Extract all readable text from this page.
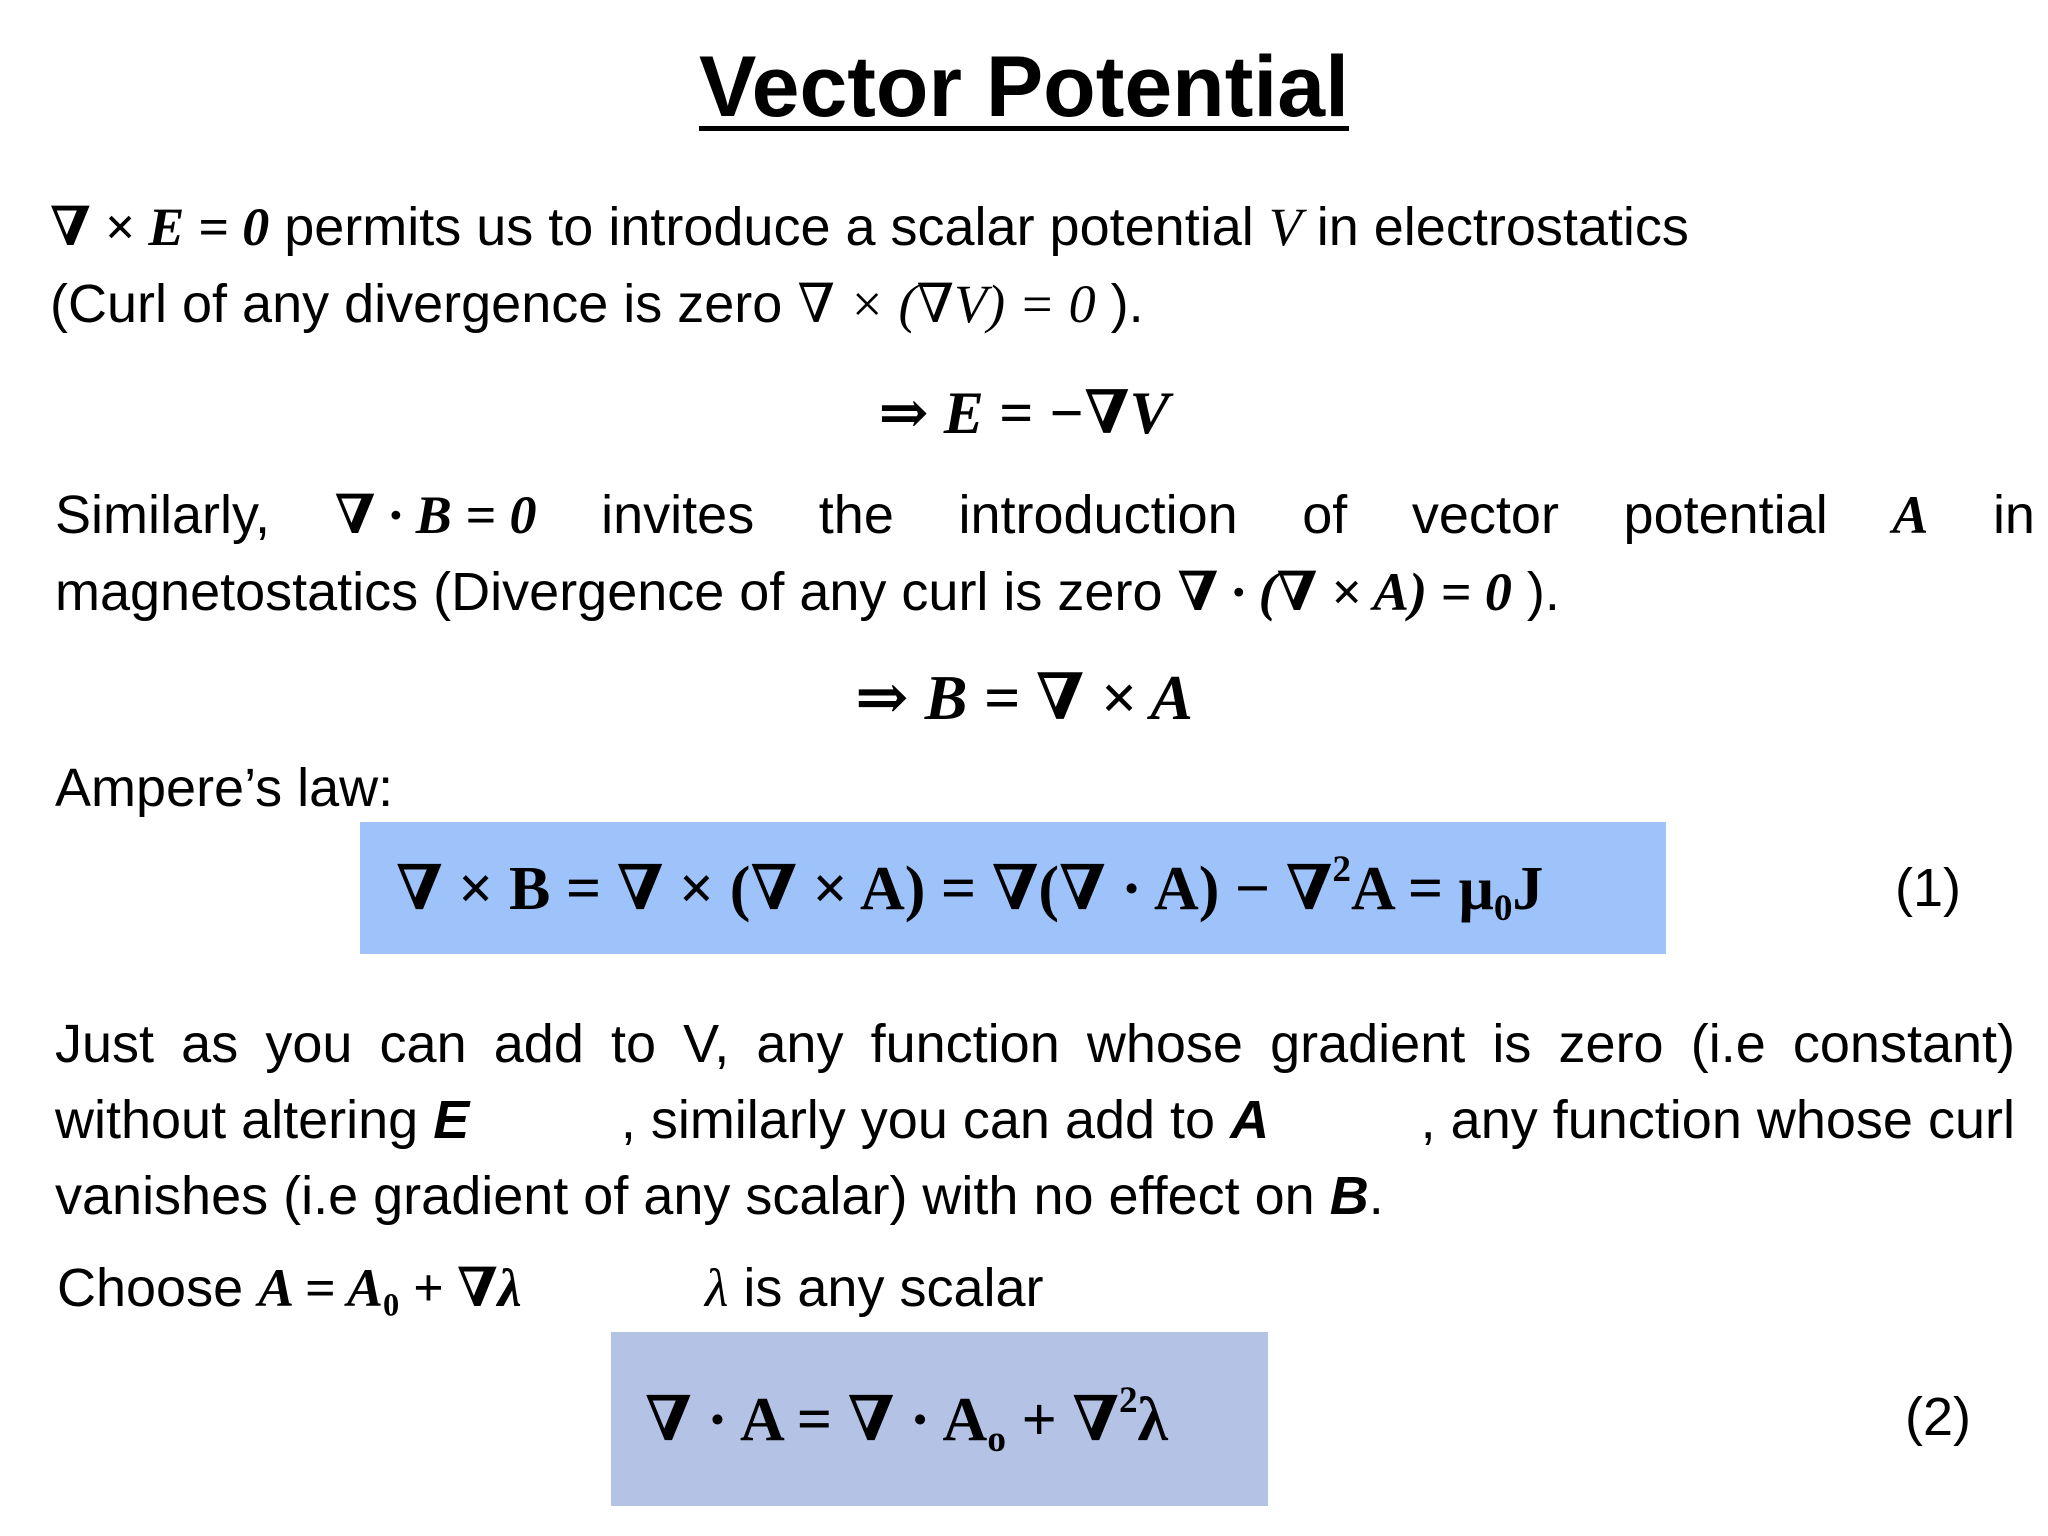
Vector Potential
∇ × E = 0 permits us to introduce a scalar potential V in electrostatics
(Curl of any divergence is zero ∇ × (∇V) = 0 ).
⇒ E = −∇V
Similarly, ∇ · B = 0 invites the introduction of vector potential A in
magnetostatics (Divergence of any curl is zero ∇ · (∇ × A) = 0 ).
⇒ B = ∇ × A
Ampere’s law:
∇ × B = ∇ × (∇ × A) = ∇(∇ · $A) - \nabla^2A = \mu_0J$	(1)
Just as you can add to V, any function whose gradient is zero (i.e constant)
without altering E	, similarly you can add to A	, any function whose curl
vanishes (i.e gradient of any scalar) with no effect on B.
Choose $A = A_0 + \nabla\lambda$	λ is any scalar
∇ · A = ∇ · $A_o + \nabla^2\lambda$	(2)
